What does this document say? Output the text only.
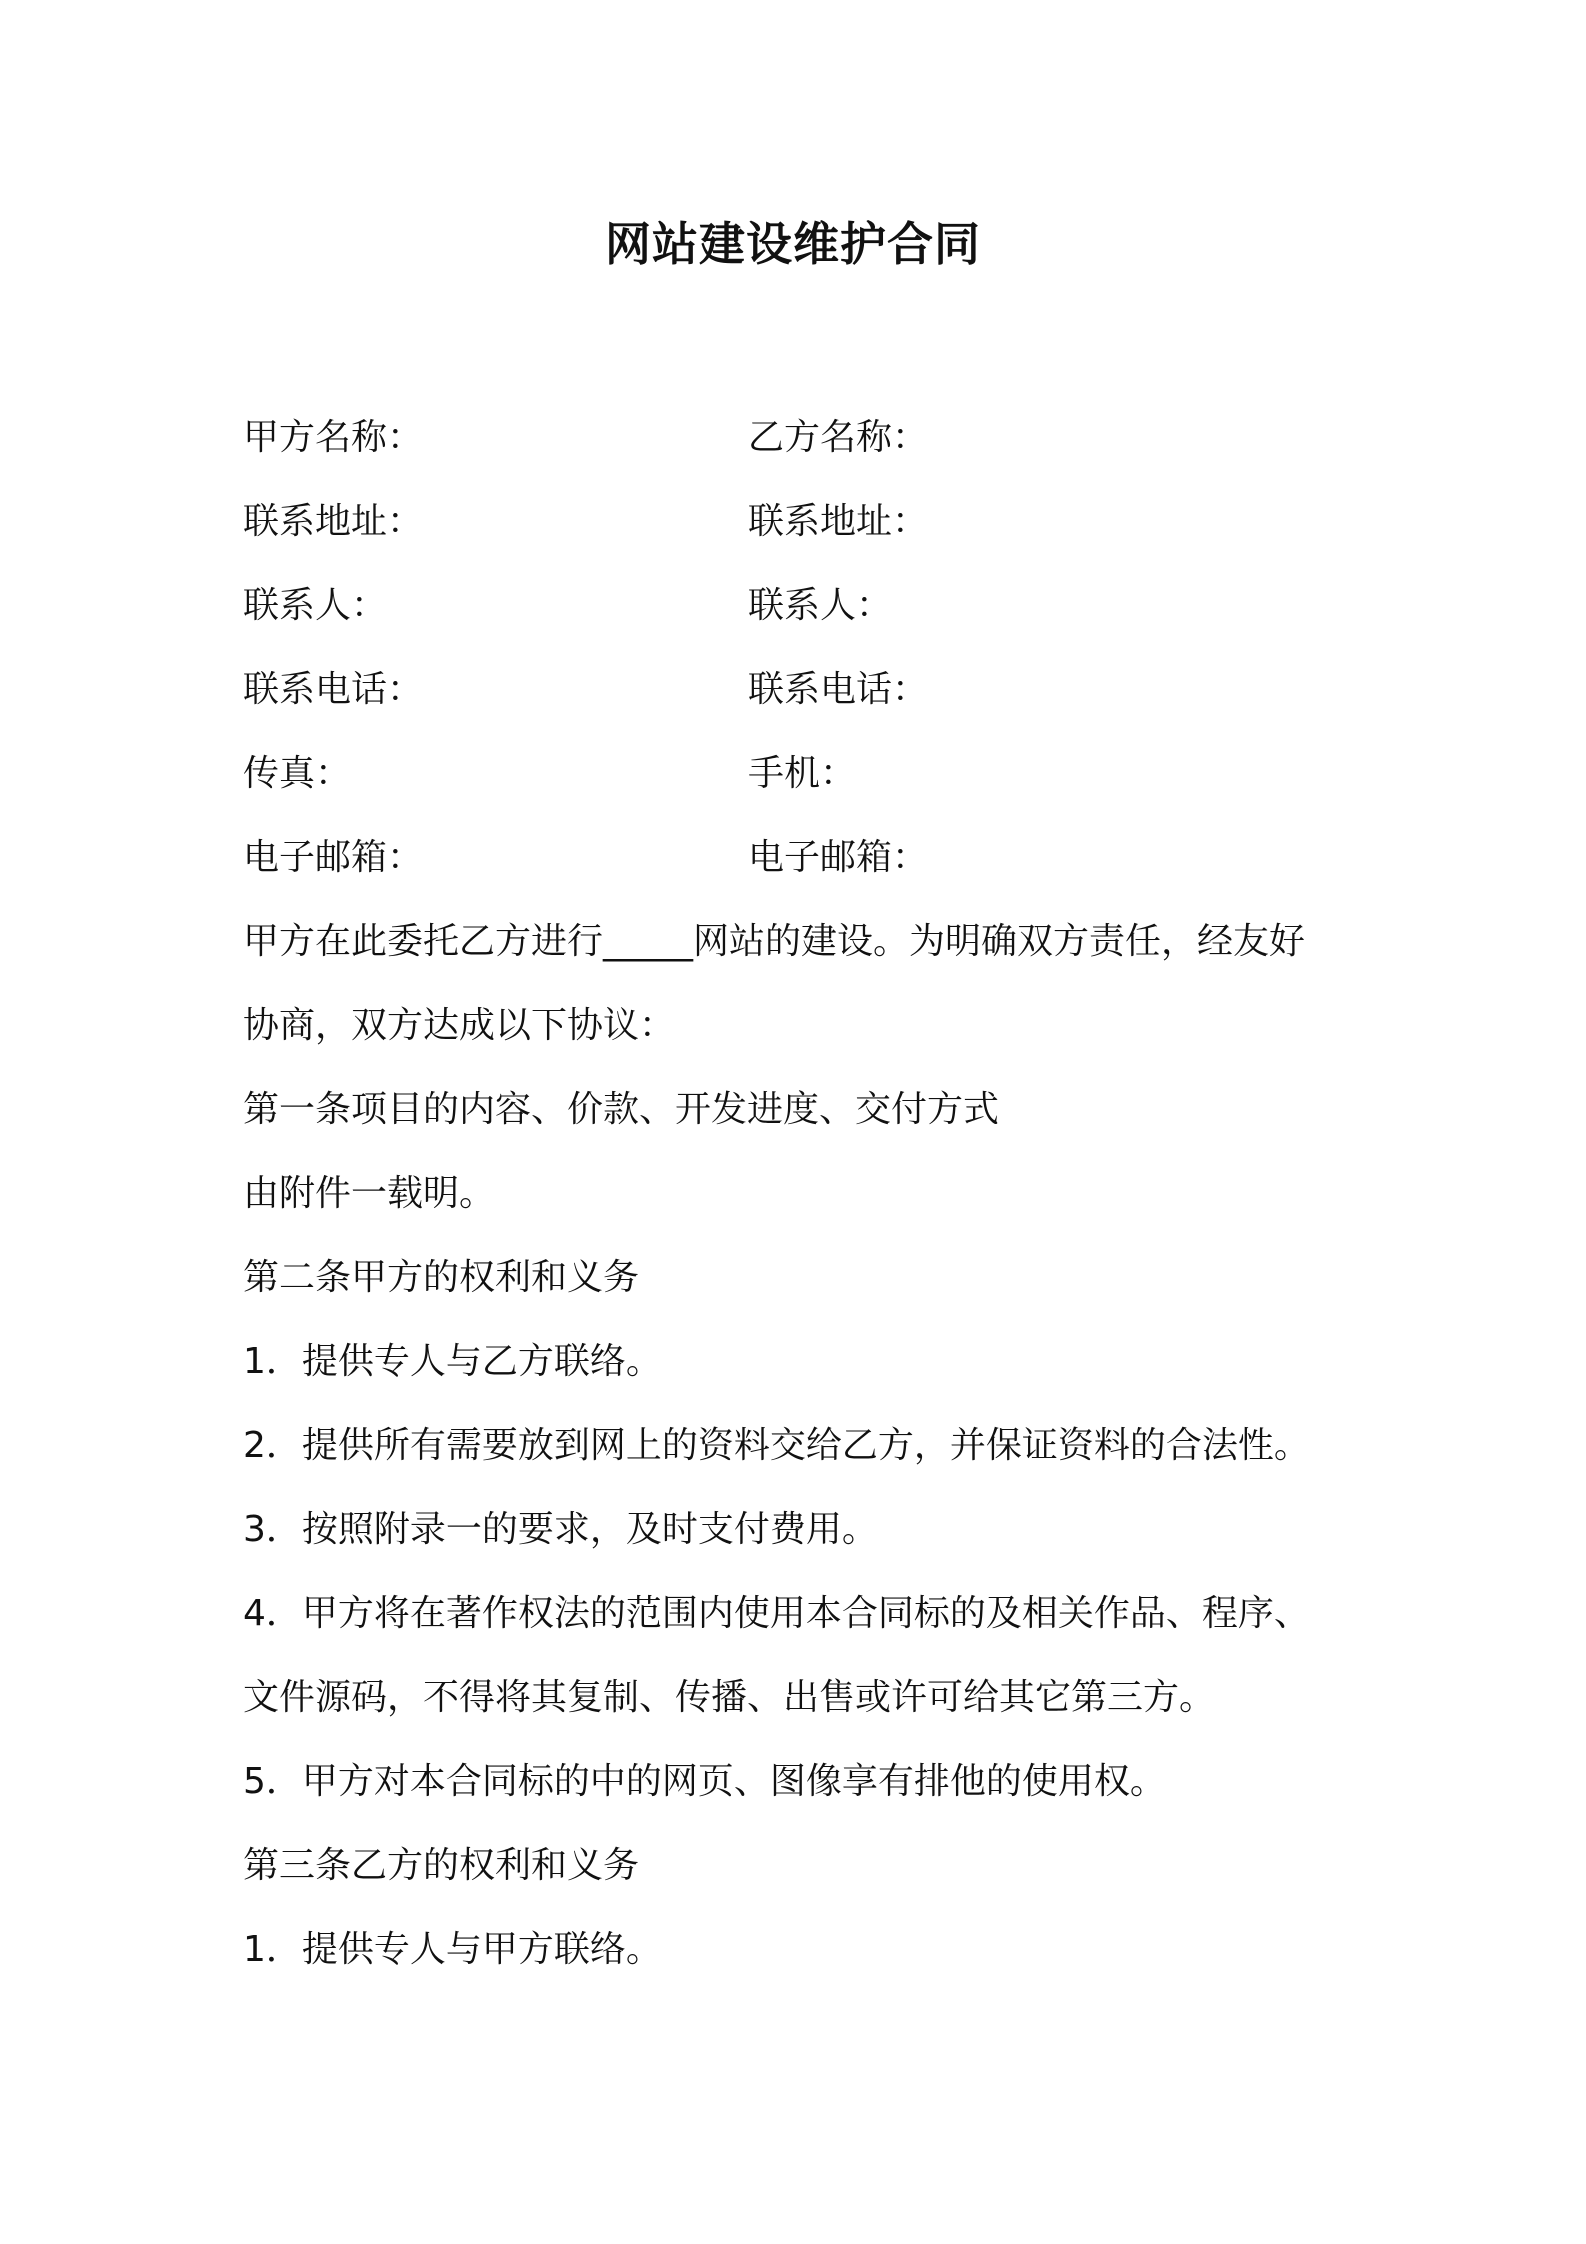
网站建设维护合同
甲方名称：
联系地址：
联系人：
联系电话：
传真：
电子邮箱：
乙方名称：
联系地址：
联系人：
联系电话：
手机：
电子邮箱：
甲方在此委托乙方进行_____网站的建设。为明确双方责任，经友好
协商，双方达成以下协议：
第一条项目的内容、价款、开发进度、交付方式
由附件一载明。
第二条甲方的权利和义务
1．提供专人与乙方联络。
2．提供所有需要放到网上的资料交给乙方，并保证资料的合法性。
3．按照附录一的要求，及时支付费用。
4．甲方将在著作权法的范围内使用本合同标的及相关作品、程序、
文件源码，不得将其复制、传播、出售或许可给其它第三方。
5．甲方对本合同标的中的网页、图像享有排他的使用权。
第三条乙方的权利和义务
1．提供专人与甲方联络。
